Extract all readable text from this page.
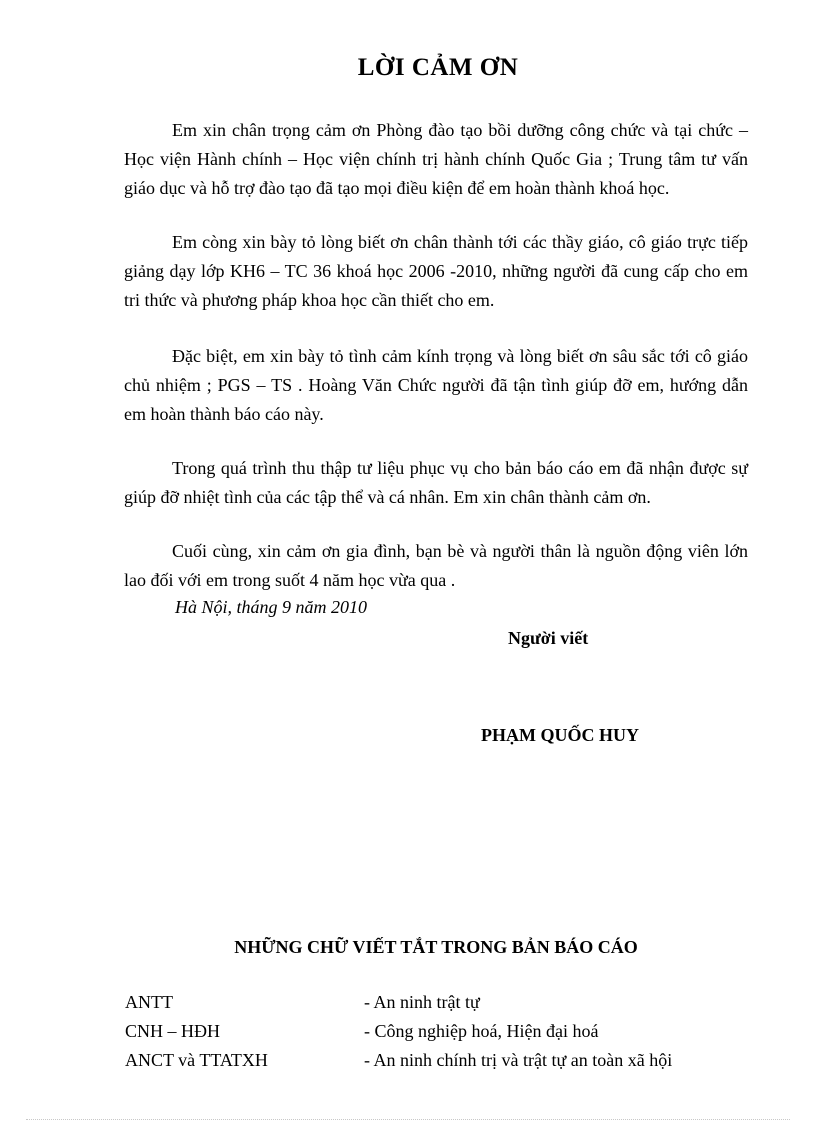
LỜI CẢM ƠN

Em xin chân trọng cảm ơn Phòng đào tạo bồi dưỡng công chức và tại chức – Học viện Hành chính – Học viện chính trị hành chính Quốc Gia ; Trung tâm tư vấn giáo dục và hỗ trợ đào tạo đã tạo mọi điều kiện để em hoàn thành khoá học.

Em còng xin bày tỏ lòng biết ơn chân thành tới các thầy giáo, cô giáo trực tiếp giảng dạy lớp KH6 – TC 36 khoá học 2006 -2010, những người đã cung cấp cho em tri thức và phương pháp khoa học cần thiết cho em.

Đặc biệt, em xin bày tỏ tình cảm kính trọng và lòng biết ơn sâu sắc tới cô giáo chủ nhiệm ; PGS – TS . Hoàng Văn Chức người đã tận tình giúp đỡ em, hướng dẫn em hoàn thành báo cáo này.

Trong quá trình thu thập tư liệu phục vụ cho bản báo cáo em đã nhận được sự giúp đỡ nhiệt tình của các tập thể và cá nhân. Em xin chân thành cảm ơn.

Cuối cùng, xin cảm ơn gia đình, bạn bè và người thân là nguồn động viên lớn lao đối với em trong suốt 4 năm học vừa qua .

Hà Nội, tháng 9 năm 2010

Người viết

PHẠM QUỐC HUY

NHỮNG CHỮ VIẾT TẮT TRONG BẢN BÁO CÁO
ANTT	- An ninh trật tự
CNH – HĐH	- Công nghiệp hoá, Hiện đại hoá
ANCT và TTATXH	- An ninh chính trị và trật tự an toàn xã hội
